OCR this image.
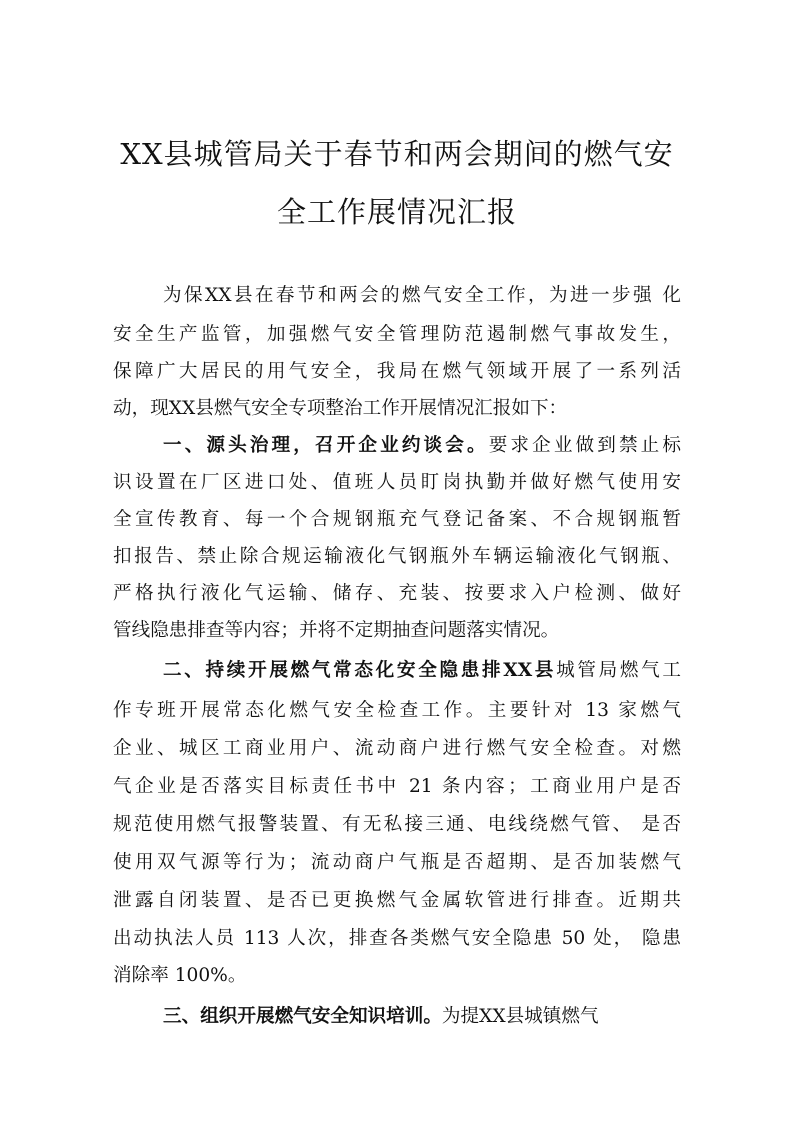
XX县城管局关于春节和两会期间的燃气安
全工作展情况汇报
为保XX县在春节和两会的燃气安全工作，为进一步强 化
安全生产监管，加强燃气安全管理防范遏制燃气事故发生，
保障广大居民的用气安全，我局在燃气领域开展了一系列活
动，现XX县燃气安全专项整治工作开展情况汇报如下：
一、源头治理，召开企业约谈会。要求企业做到禁止标
识设置在厂区进口处、值班人员盯岗执勤并做好燃气使用安
全宣传教育、每一个合规钢瓶充气登记备案、不合规钢瓶暂
扣报告、禁止除合规运输液化气钢瓶外车辆运输液化气钢瓶、
严格执行液化气运输、储存、充装、按要求入户检测、做好
管线隐患排查等内容；并将不定期抽查问题落实情况。
二、持续开展燃气常态化安全隐患排XX县城管局燃气工
作专班开展常态化燃气安全检查工作。主要针对 13 家燃气
企业、城区工商业用户、流动商户进行燃气安全检查。对燃
气企业是否落实目标责任书中 21 条内容；工商业用户是否
规范使用燃气报警装置、有无私接三通、电线绕燃气管、 是否
使用双气源等行为；流动商户气瓶是否超期、是否加装燃气
泄露自闭装置、是否已更换燃气金属软管进行排查。近期共
出动执法人员 113 人次，排查各类燃气安全隐患 50 处， 隐患
消除率 100%。
三、组织开展燃气安全知识培训。为提XX县城镇燃气
